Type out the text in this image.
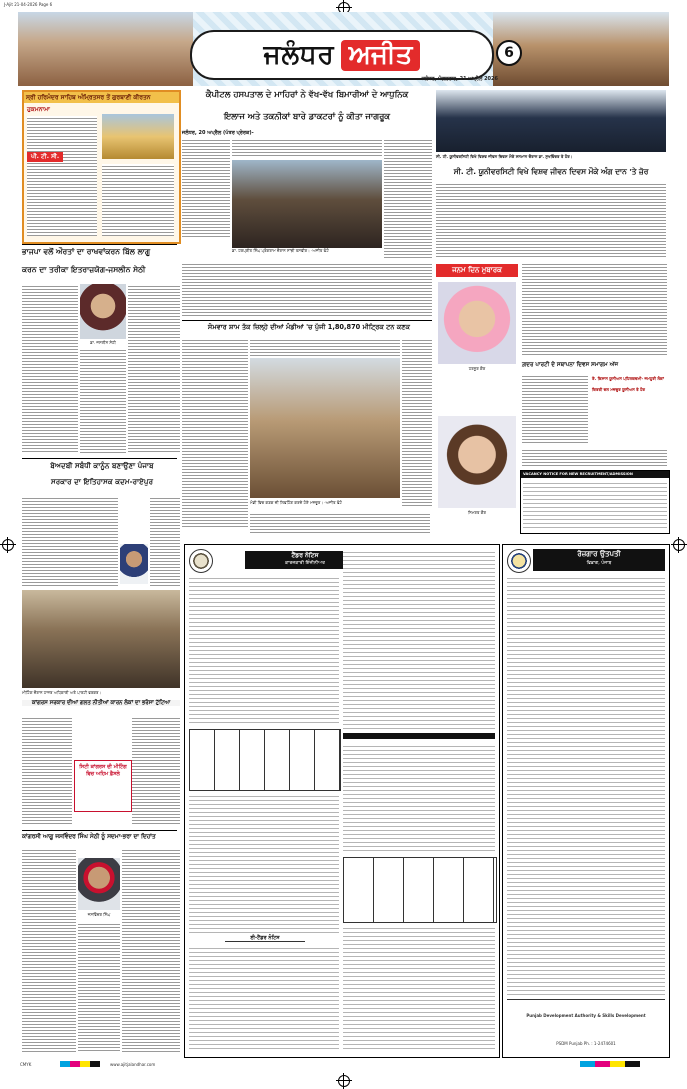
J-Ajit 21-04-2026 Page 6
ਜਲੰਧਰ ਅਜੀਤ	6
ਜਲੰਧਰ, ਮੰਗਲਵਾਰ, 21 ਅਪ੍ਰੈਲ 2026
ਸ੍ਰੀ ਹਰਿਮੰਦਰ ਸਾਹਿਬ ਅੰਮ੍ਰਿਤਸਰ ਤੋਂ ਗੁਰਬਾਣੀ ਕੀਰਤਨ
ਹੁਕਮਨਾਮਾ
ਪੀ. ਟੀ. ਸੀ.
ਕੈਪੀਟਲ ਹਸਪਤਾਲ ਦੇ ਮਾਹਿਰਾਂ ਨੇ ਵੱਖ-ਵੱਖ ਬਿਮਾਰੀਆਂ ਦੇ ਆਧੁਨਿਕ
ਇਲਾਜ ਅਤੇ ਤਕਨੀਕਾਂ ਬਾਰੇ ਡਾਕਟਰਾਂ ਨੂੰ ਕੀਤਾ ਜਾਗਰੂਕ
ਜਲੰਧਰ, 20 ਅਪ੍ਰੈਲ (ਪੱਤਰ ਪ੍ਰੇਰਕ)-
ਡਾ. ਹਰਪ੍ਰੀਤ ਸਿੰਘ ਪ੍ਰੋਗਰਾਮ ਦੌਰਾਨ ਸਾਂਝੀ ਤਸਵੀਰ। -ਅਜੀਤ ਫੋਟੋ
ਸੀ. ਟੀ. ਯੂਨੀਵਰਸਿਟੀ ਵਿਖੇ ਵਿਸ਼ਵ ਜੀਵਨ ਦਿਵਸ ਮੌਕੇ ਸਨਮਾਨ ਦੌਰਾਨ ਡਾ. ਸੁਖਵਿੰਦਰ ਤੇ ਹੋਰ।
ਸੀ. ਟੀ. ਯੂਨੀਵਰਸਿਟੀ ਵਿਖੇ ਵਿਸ਼ਵ ਜੀਵਨ ਦਿਵਸ ਮੌਕੇ ਅੰਗ ਦਾਨ 'ਤੇ ਜ਼ੋਰ
ਭਾਜਪਾ ਵਲੋਂ ਔਰਤਾਂ ਦਾ ਰਾਖਵਾਂਕਰਨ ਬਿੱਲ ਲਾਗੂ
ਕਰਨ ਦਾ ਤਰੀਕਾ ਇਤਰਾਜ਼ਯੋਗ-ਜਸਲੀਨ ਸੇਠੀ
ਡਾ. ਜਸਲੀਨ ਸੇਠੀ
ਬੇਅਦਬੀ ਸਬੰਧੀ ਕਾਨੂੰਨ ਬਣਾਉਣਾ ਪੰਜਾਬ
ਸਰਕਾਰ ਦਾ ਇਤਿਹਾਸਕ ਕਦਮ-ਰਾਏਪੁਰ
ਮੀਟਿੰਗ ਦੌਰਾਨ ਹਾਜ਼ਰ ਅਧਿਕਾਰੀ ਅਤੇ ਪਾਰਟੀ ਵਰਕਰ।
ਕਾਂਗਰਸ ਸਰਕਾਰ ਦੀਆਂ ਗਲਤ ਨੀਤੀਆਂ ਕਾਰਨ ਲੋਕਾਂ ਦਾ ਭਰੋਸਾ ਟੁੱਟਿਆ
ਸਿਟੀ ਕਾਂਗਰਸ ਦੀ ਮੀਟਿੰਗ ਵਿਚ ਅਹਿਮ ਫ਼ੈਸਲੇ
ਕਾਂਗਰਸੀ ਆਗੂ ਜਸਵਿੰਦਰ ਸਿੰਘ ਸੇਠੀ ਨੂੰ ਸਦਮਾ-ਭਰਾ ਦਾ ਦਿਹਾਂਤ
ਜਸਵਿੰਦਰ ਸਿੰਘ
ਸੋਮਵਾਰ ਸ਼ਾਮ ਤੱਕ ਜ਼ਿਲ੍ਹੇ ਦੀਆਂ ਮੰਡੀਆਂ 'ਚ ਪੁੱਜੀ 1,80,870 ਮੀਟ੍ਰਿਕ ਟਨ ਕਣਕ
ਮੰਡੀ ਵਿਚ ਕਣਕ ਦੀ ਲਿਫਟਿੰਗ ਕਰਦੇ ਹੋਏ ਮਜ਼ਦੂਰ। -ਅਜੀਤ ਫੋਟੋ
ਜਨਮ ਦਿਨ ਮੁਬਾਰਕ
ਹਰਨੂਰ ਕੌਰ
ਨਿਮਰਤ ਕੌਰ
ਗ਼ਦਰ ਪਾਰਟੀ ਦੇ ਸਥਾਪਨਾ ਦਿਵਸ ਸਮਾਗਮ ਅੱਜ
ਏ. ਕਿਸਾਨ ਯੂਨੀਅਨ ਪਹਿਲਕਦਮੀ- ਜਮਹੂਰੀ ਲੋਕਾਂ
ਕਿਰਤੀ ਦਲ ਮਜ਼ਦੂਰ ਯੂਨੀਅਨ ਤੇ ਹੋਰ
VACANCY NOTICE FOR NEW RECRUITMENT/ADMISSION
ਟੈਂਡਰ ਨੋਟਿਸ
ਕਾਰਜਕਾਰੀ ਇੰਜੀਨੀਅਰ
ਈ-ਟੈਂਡਰ ਨੋਟਿਸ
ਰੋਜ਼ਗਾਰ ਉਤਪਤੀ
ਵਿਭਾਗ, ਪੰਜਾਬ
Punjab Development Authority & Skills Development
PSDM Punjab Ph. : 1-2474601
CMYK	www.ajitjalandhar.com
